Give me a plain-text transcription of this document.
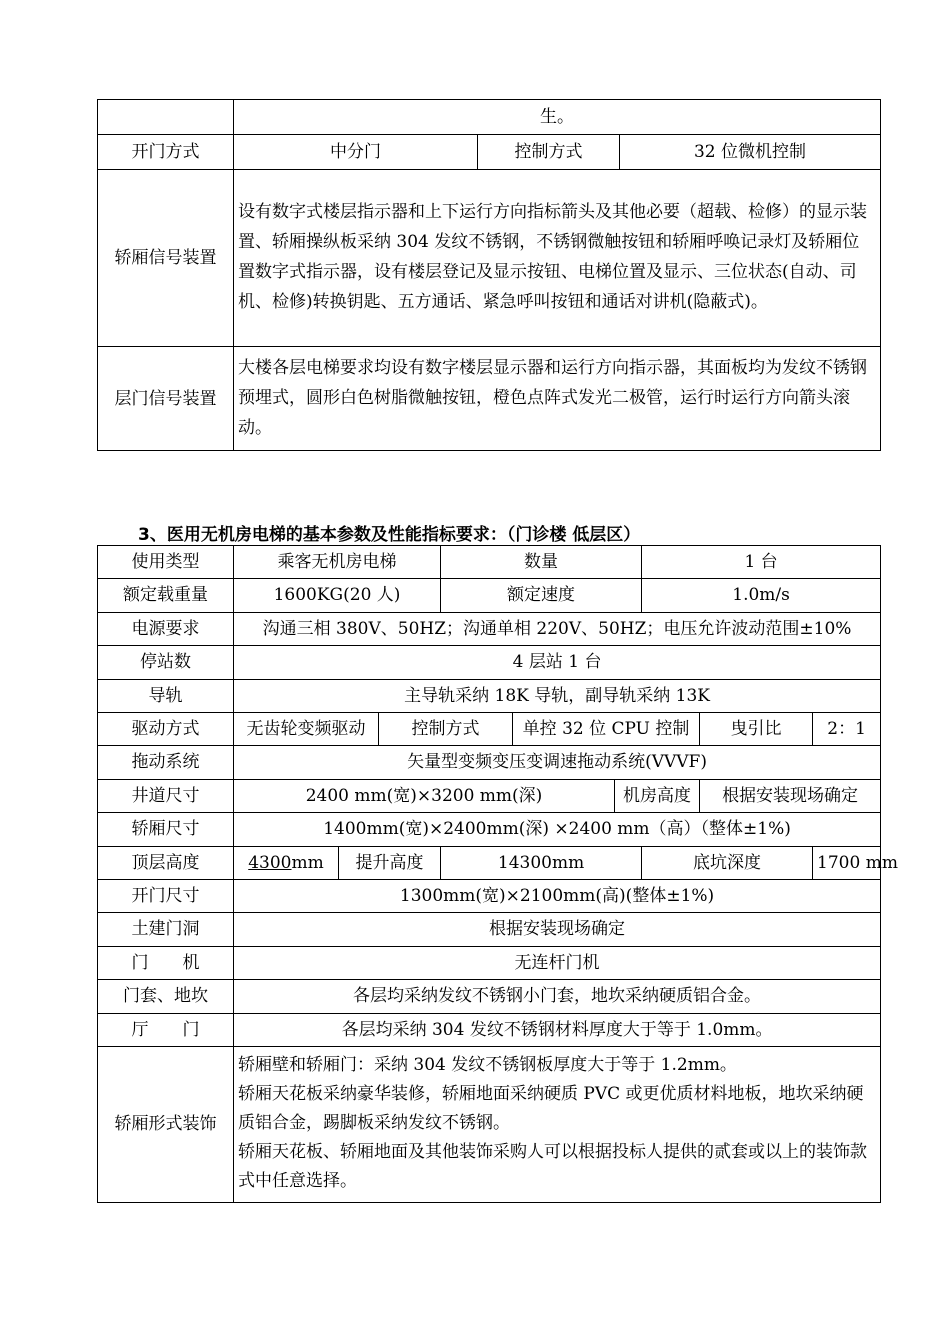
	生。		
开门方式	中分门	控制方式	32 位微机控制
轿厢信号装置	设有数字式楼层指示器和上下运行方向指标箭头及其他必要（超载、检修）的显示装置、轿厢操纵板采纳 304 发纹不锈钢，不锈钢微触按钮和轿厢呼唤记录灯及轿厢位置数字式指示器，设有楼层登记及显示按钮、电梯位置及显示、三位状态(自动、司机、检修)转换钥匙、五方通话、紧急呼叫按钮和通话对讲机(隐蔽式)。		
层门信号装置	大楼各层电梯要求均设有数字楼层显示器和运行方向指示器，其面板均为发纹不锈钢预埋式，圆形白色树脂微触按钮，橙色点阵式发光二极管，运行时运行方向箭头滚动。		
3、医用无机房电梯的基本参数及性能指标要求：（门诊楼 低层区）
使用类型	乘客无机房电梯			数量			1 台		
额定载重量	1600KG(20 人)			额定速度			1.0m/s		
电源要求	沟通三相 380V、50HZ；沟通单相 220V、50HZ；电压允许波动范围±10%								
停站数	4 层站 1 台								
导轨	主导轨采纳 18K 导轨，副导轨采纳 13K								
驱动方式	无齿轮变频驱动		控制方式		单控 32 位 CPU 控制			曳引比	2：1
拖动系统	矢量型变频变压变调速拖动系统(VVVF)								
井道尺寸	2400 mm(宽)×3200 mm(深)					机房高度		根据安装现场确定	
轿厢尺寸	1400mm(宽)×2400mm(深) ×2400 mm（高）（整体±1%)								
顶层高度	4300mm	提升高度		14300mm			底坑深度		1700 mm
开门尺寸	1300mm(宽)×2100mm(高)(整体±1%)								
土建门洞	根据安装现场确定								
门　　机	无连杆门机								
门套、地坎	各层均采纳发纹不锈钢小门套，地坎采纳硬质铝合金。								
厅　　门	各层均采纳 304 发纹不锈钢材料厚度大于等于 1.0mm。								
轿厢形式装饰	轿厢壁和轿厢门：采纳 304 发纹不锈钢板厚度大于等于 1.2mm。

轿厢天花板采纳豪华装修，轿厢地面采纳硬质 PVC 或更优质材料地板，地坎采纳硬质铝合金，踢脚板采纳发纹不锈钢。

轿厢天花板、轿厢地面及其他装饰采购人可以根据投标人提供的贰套或以上的装饰款式中任意选择。								
